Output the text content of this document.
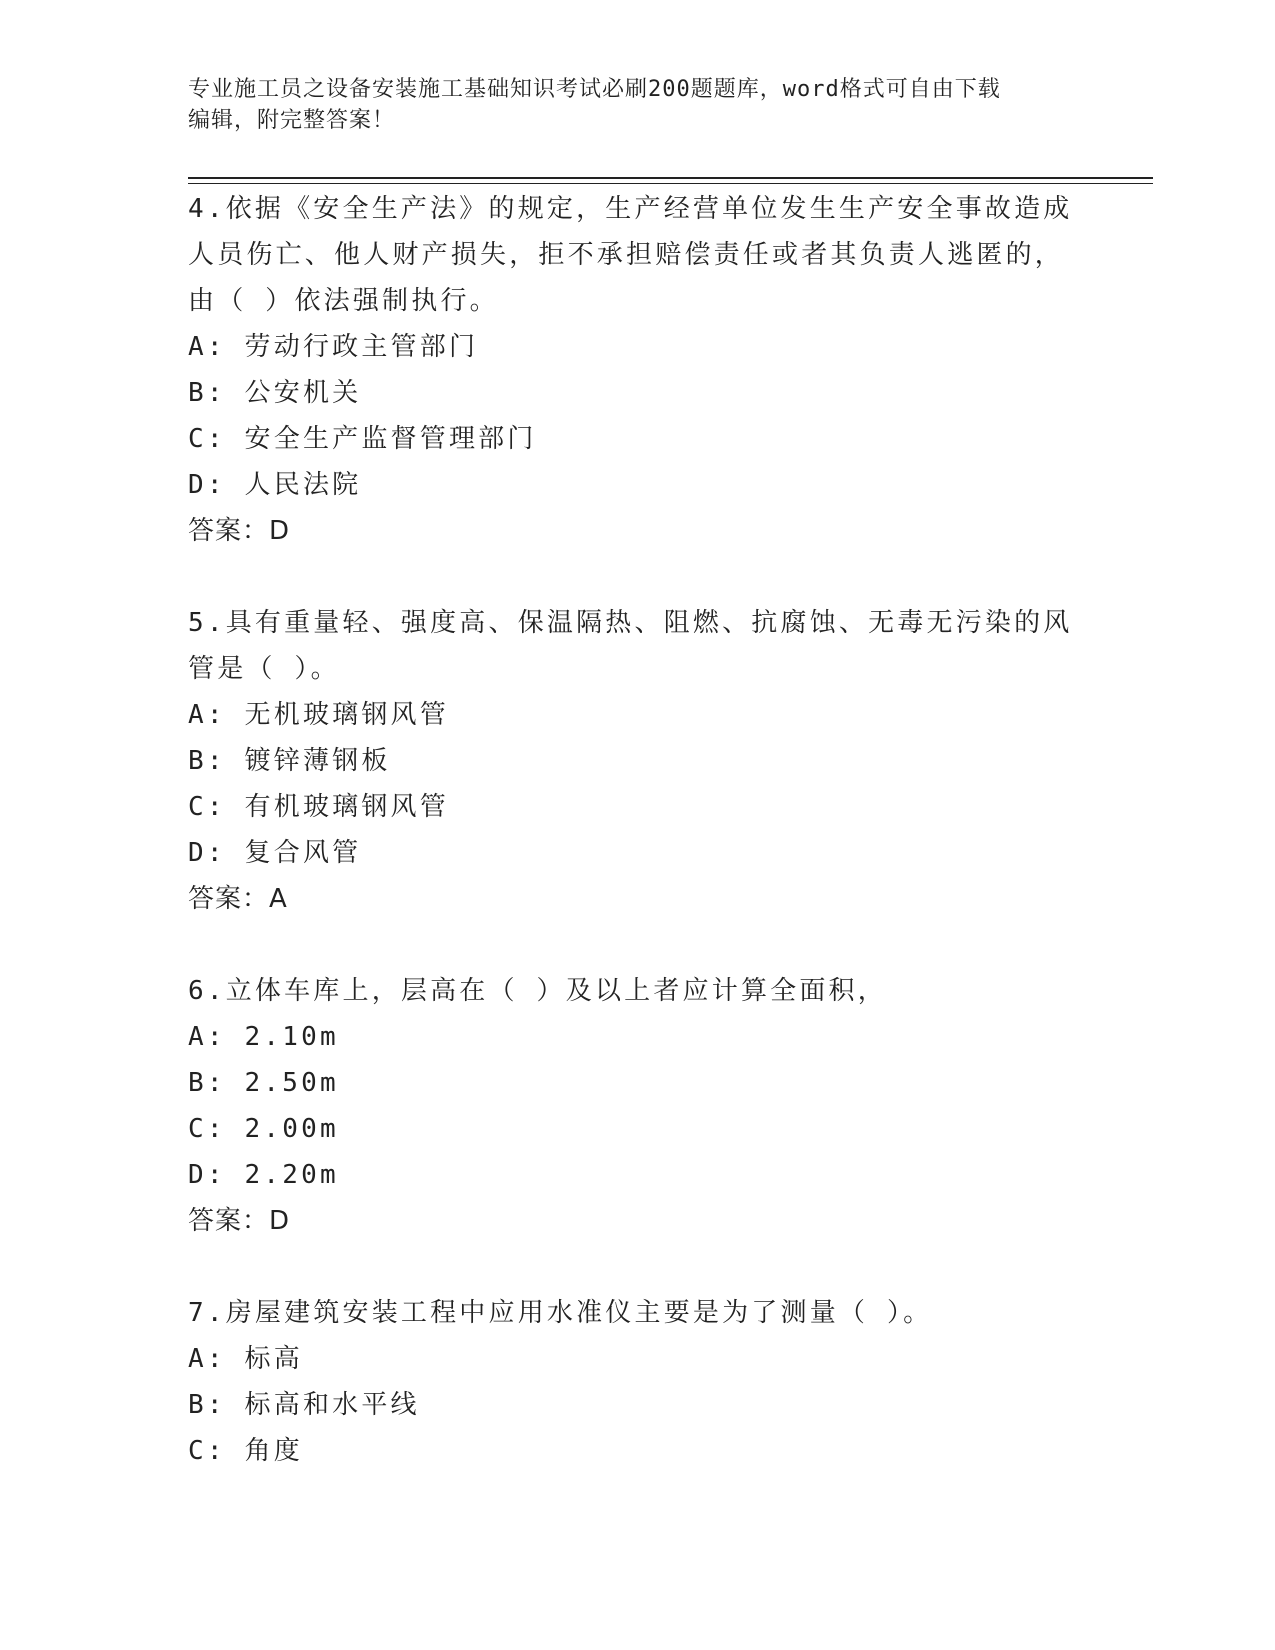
专业施工员之设备安装施工基础知识考试必刷200题题库，word格式可自由下载
编辑，附完整答案！
4.依据《安全生产法》的规定，生产经营单位发生生产安全事故造成
人员伤亡、他人财产损失，拒不承担赔偿责任或者其负责人逃匿的，
由（ ）依法强制执行。
A: 劳动行政主管部门
B: 公安机关
C: 安全生产监督管理部门
D: 人民法院
答案：D
5.具有重量轻、强度高、保温隔热、阻燃、抗腐蚀、无毒无污染的风
管是（ ）。
A: 无机玻璃钢风管
B: 镀锌薄钢板
C: 有机玻璃钢风管
D: 复合风管
答案：A
6.立体车库上，层高在（ ）及以上者应计算全面积，
A: 2.10m
B: 2.50m
C: 2.00m
D: 2.20m
答案：D
7.房屋建筑安装工程中应用水准仪主要是为了测量（ ）。
A: 标高
B: 标高和水平线
C: 角度
